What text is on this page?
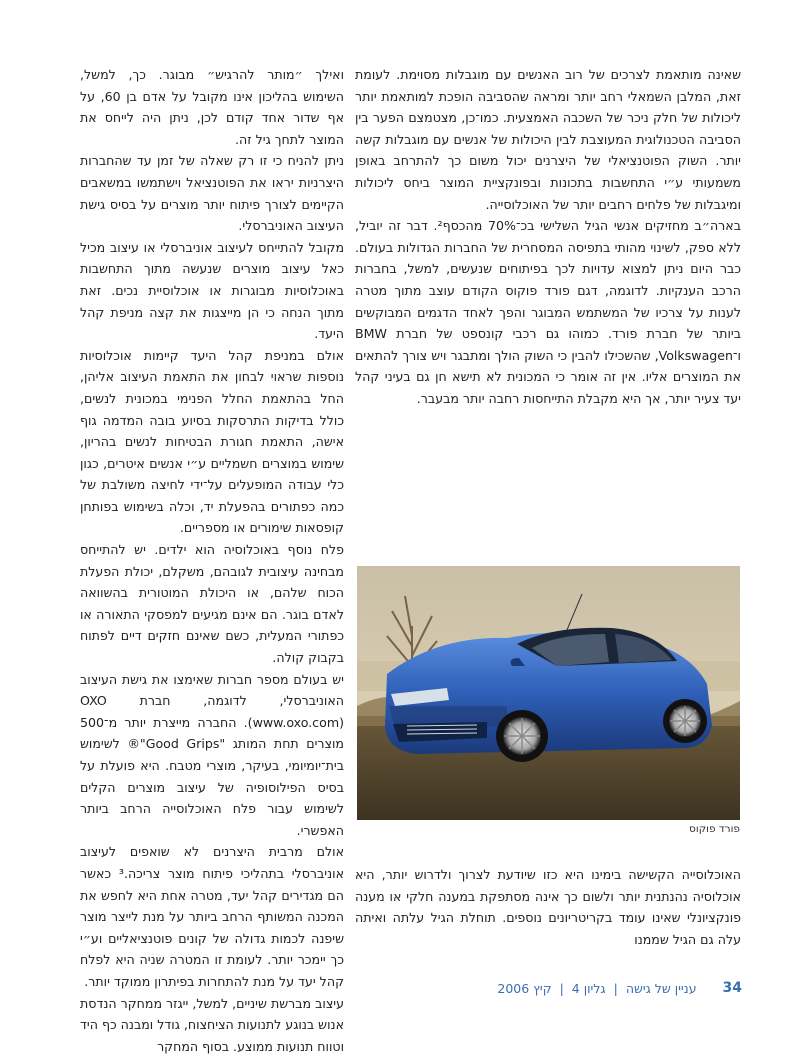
שאינה מותאמת לצרכים של רוב האנשים עם מוגבלות מסוימת. לעומת זאת, המלבן השמאלי רחב יותר ומראה שהסביבה הופכת למותאמת יותר ליכולות של חלק ניכר של השכבה האמצעית. כמו־כן, מצטמצם הפער בין הסביבה הטכנולוגית המעוצבת לבין היכולות של אנשים עם מוגבלות קשה יותר. השוק הפוטנציאלי של היצרנים יכול משום כך להתרחב באופן משמעותי ע״י התחשבות בתכונות ובפונקציית המוצר ביחס ליכולות ומיגבלות של פלחים רחבים יותר של האוכלוסייה.

בארה״ב מחזיקים אנשי הגיל השלישי בכ־70% מהכסף². דבר זה יוביל, ללא ספק, לשינוי מהותי בתפיסה המסחרית של החברות הגדולות בעולם. כבר היום ניתן למצוא עדויות לכך בפיתוחים שנעשים, למשל, בחברות הרכב הענקיות. לדוגמה, דגם פורד פוקוס הקודם עוצב מתוך מטרה לענות על צרכיו של המשתמש המבוגר והפך לאחד הדגמים המבוקשים ביותר של חברת פורד. כמוהו גם רכבי קונספט של חברת BMW ו־Volkswagen, שהשכילו להבין כי השוק הולך ומתבגר ויש צורך להתאים את המוצרים אליו. אין זה אומר כי המכונית לא תישא חן גם בעיני קהל יעד צעיר יותר, אך היא מקבלת התייחסות רחבה יותר מבעבר.

פורד פוקוס

האוכלוסייה הקשישה בימינו היא כזו שיודעת לצרוך ולדרוש יותר, היא אוכלוסיה נהנתנית יותר ולשום כך אינה מסתפקת במענה חלקי או מענה פונקציונלי שאינו עומד בקריטריונים נוספים. תוחלת הגיל עלתה ואיתה עלה גם הגיל שממנו

ואילך ״מותר להרגיש״ מבוגר. כך, למשל, השימוש בהליכון אינו מקובל על אדם בן 60, על אף שדור אחד קודם לכן, ניתן היה לייחס את המוצר לתחך גיל זה.

ניתן להניח כי זו רק שאלה של זמן עד שהחברות היצרניות יראו את הפוטנציאל וישתמשו במשאבים הקיימים לצורך פיתוח יותר מוצרים על בסיס גישת העיצוב האוניברסלי.

מקובל להתייחס לעיצוב אוניברסלי או עיצוב מכיל כאל עיצוב מוצרים שנעשה מתוך התחשבות באוכלוסיות מבוגרות או אוכלוסיית נכים. זאת מתוך הנחה כי הן מייצגות את קצה מניפת קהל היעד.

אולם במניפת קהל היעד קיימות אוכלוסיות נוספות שראוי לבחון את התאמת העיצוב אליהן, החל בהתאמת החלל הפנימי במכונית לנשים, כולל בדיקות התרסקות בסיוע בובה המדמה גוף אישה, התאמת חגורת הבטיחות לנשים בהריון, שימוש במוצרים חשמליים ע״י אנשים איטרים, כגון כלי עבודה המופעלים על־ידי לחיצה משולבת של כמה כפתורים בהפעלת יד, וכלה בשימוש בפותחן קופסאות שימורים או מספריים.

פלח נוסף באוכלוסיה הוא ילדים. יש להתייחס מבחינה עיצובית לגובהם, משקלם, יכולת הפעלת הכוח שלהם, או היכולת המוטורית בהשוואה לאדם בוגר. הם אינם מגיעים למפסקי התאורה או כפתורי המעלית, כשם שאינם חזקים דיים לפתוח בקבוק קולה.

יש בעולם מספר חברות שאימצו את גישת העיצוב האוניברסלי, לדוגמה, חברת OXO (www.oxo.com). החברה מייצרת יותר מ־500 מוצרים תחת המותג "Good Grips"® לשימוש בית־יומיומי, בעיקר, מוצרי מטבח. היא פועלת על בסיס הפילוסופיה של עיצוב מוצרים הקלים לשימוש עבור פלח האוכלוסייה הרחב ביותר האפשרי.

אולם מרבית היצרנים לא שואפים לעיצוב אוניברסלי בתהליכי פיתוח מוצר צריכה.³ כאשר הם מגדירים קהל יעד, מטרה אחת היא לחפש את המכנה המשותף הרחב ביותר על מנת לייצר מוצר שיפנה לכמות גדולה של קונים פוטנציאליים וע״י כך יימכר יותר. לעומת זו המטרה שניה היא לפלח קהל יעד על מנת להתחרות בפיתרון ממוקד יותר.

עיצוב מברשת שיניים, למשל, ייגזר ממחקר הנדסת אנוש בנוגע לתנועות הציחצוח, גודל ומבנה כף היד וטווח תנועות ממוצע. בסוף המחקר

34
עניין של גישה
|
גליון 4
|
קיץ 2006
